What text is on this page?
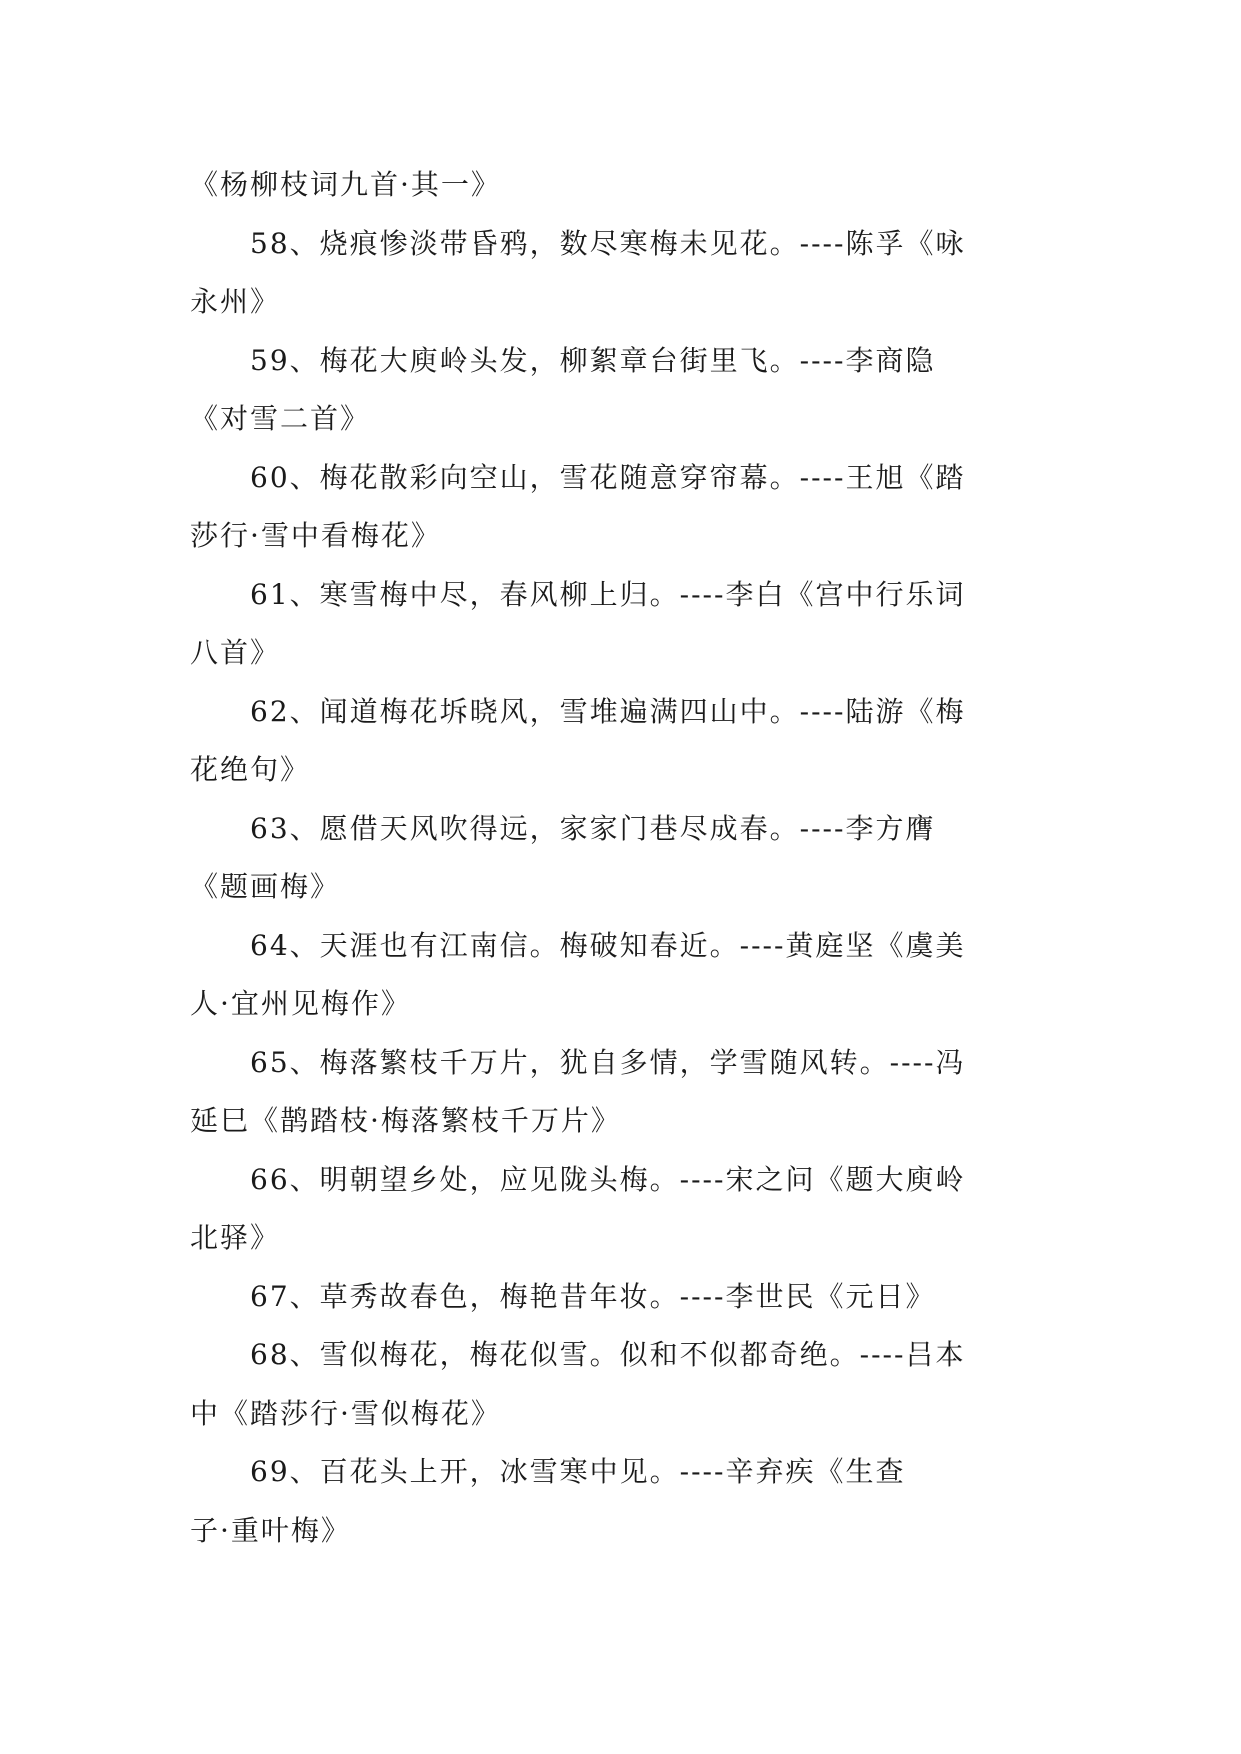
《杨柳枝词九首·其一》
58、烧痕惨淡带昏鸦，数尽寒梅未见花。----陈孚《咏
永州》
59、梅花大庾岭头发，柳絮章台街里飞。----李商隐
《对雪二首》
60、梅花散彩向空山，雪花随意穿帘幕。----王旭《踏
莎行·雪中看梅花》
61、寒雪梅中尽，春风柳上归。----李白《宫中行乐词
八首》
62、闻道梅花坼晓风，雪堆遍满四山中。----陆游《梅
花绝句》
63、愿借天风吹得远，家家门巷尽成春。----李方膺
《题画梅》
64、天涯也有江南信。梅破知春近。----黄庭坚《虞美
人·宜州见梅作》
65、梅落繁枝千万片，犹自多情，学雪随风转。----冯
延巳《鹊踏枝·梅落繁枝千万片》
66、明朝望乡处，应见陇头梅。----宋之问《题大庾岭
北驿》
67、草秀故春色，梅艳昔年妆。----李世民《元日》
68、雪似梅花，梅花似雪。似和不似都奇绝。----吕本
中《踏莎行·雪似梅花》
69、百花头上开，冰雪寒中见。----辛弃疾《生查
子·重叶梅》
